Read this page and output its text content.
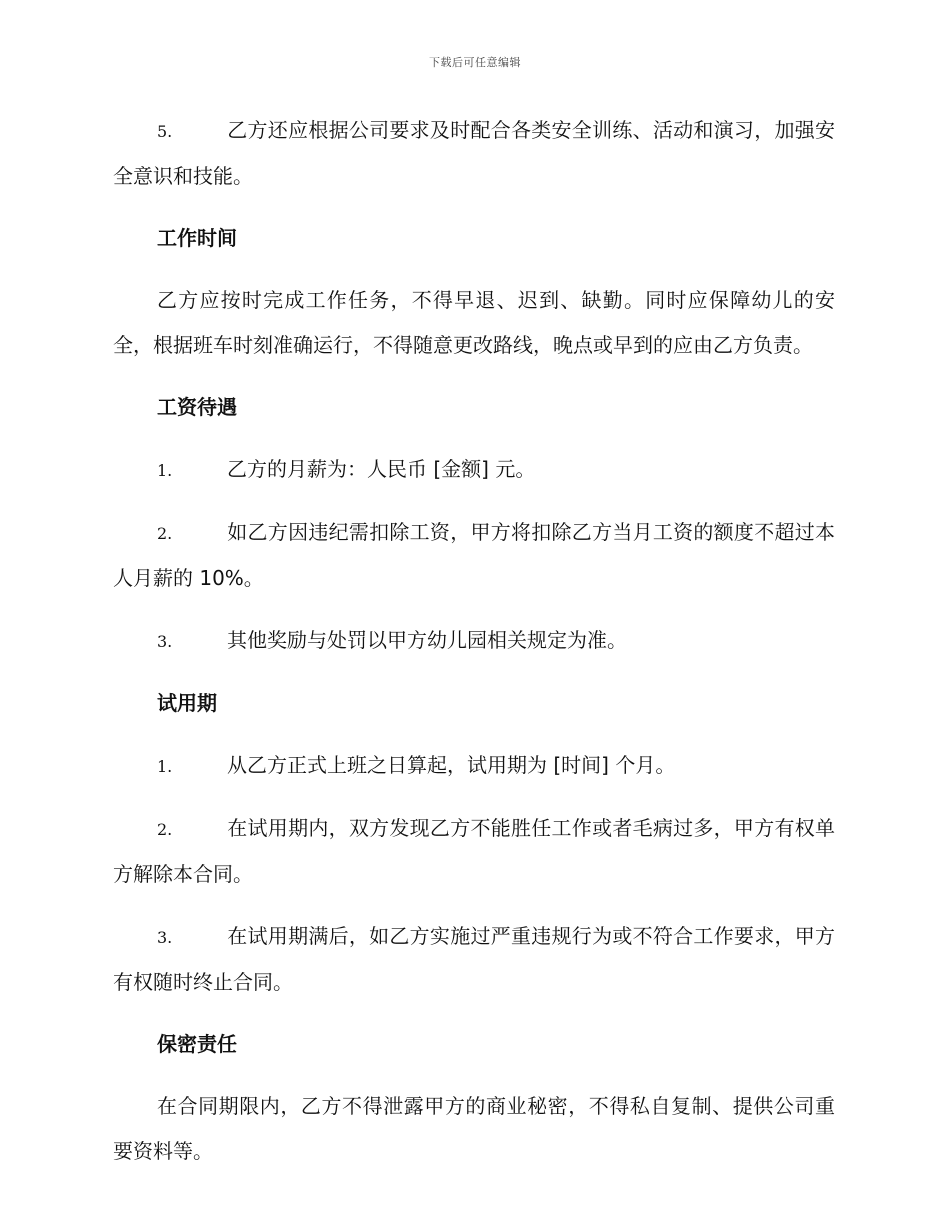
下载后可任意编辑

5.	乙方还应根据公司要求及时配合各类安全训练、活动和演习，加强安全意识和技能。

工作时间

乙方应按时完成工作任务，不得早退、迟到、缺勤。同时应保障幼儿的安全，根据班车时刻准确运行，不得随意更改路线，晚点或早到的应由乙方负责。

工资待遇

1.	乙方的月薪为：人民币 [金额] 元。

2.	如乙方因违纪需扣除工资，甲方将扣除乙方当月工资的额度不超过本人月薪的 10%。

3.	其他奖励与处罚以甲方幼儿园相关规定为准。

试用期

1.	从乙方正式上班之日算起，试用期为 [时间] 个月。

2.	在试用期内，双方发现乙方不能胜任工作或者毛病过多，甲方有权单方解除本合同。

3.	在试用期满后，如乙方实施过严重违规行为或不符合工作要求，甲方有权随时终止合同。

保密责任

在合同期限内，乙方不得泄露甲方的商业秘密，不得私自复制、提供公司重要资料等。
